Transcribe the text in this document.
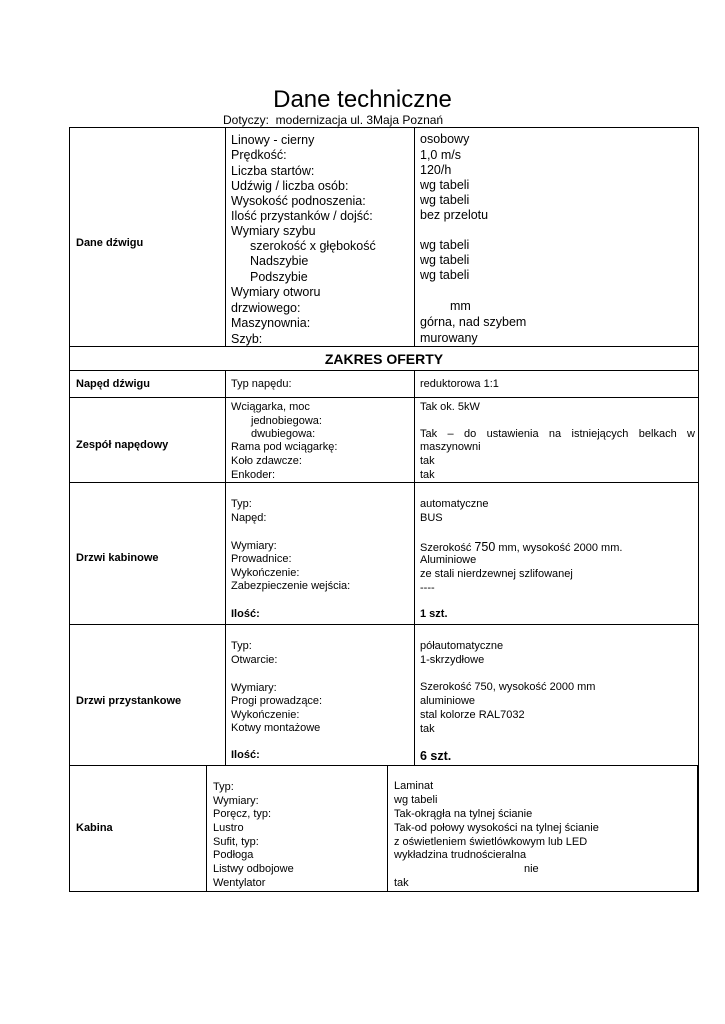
Dane techniczne
Dotyczy:  modernizacja ul. 3Maja Poznań
Dane dźwigu
Linowy - cierny
Prędkość:
Liczba startów:
Udźwig / liczba osób:
Wysokość podnoszenia:
Ilość przystanków / dojść:
Wymiary szybu
szerokość x głębokość
Nadszybie
Podszybie
Wymiary otworu
drzwiowego:
Maszynownia:
Szyb:
osobowy
1,0 m/s
120/h
wg tabeli
wg tabeli
bez przelotu
wg tabeli
wg tabeli
wg tabeli
mm
górna, nad szybem
murowany
ZAKRES OFERTY
Napęd dźwigu	Typ napędu:	reduktorowa 1:1
Zespół napędowy
Wciągarka, moc
jednobiegowa:
dwubiegowa:
Rama pod wciągarkę:
Koło zdawcze:
Enkoder:
Tak ok. 5kW
Tak – do ustawienia na istniejących belkach w maszynowni
tak
tak
Drzwi kabinowe
Typ:
Napęd:
Wymiary:
Prowadnice:
Wykończenie:
Zabezpieczenie wejścia:
Ilość:
automatyczne
BUS
Szerokość 750 mm, wysokość 2000 mm.
Aluminiowe
ze stali nierdzewnej szlifowanej
----
1 szt.
Drzwi przystankowe
Typ:
Otwarcie:
Wymiary:
Progi prowadzące:
Wykończenie:
Kotwy montażowe
Ilość:
półautomatyczne
1-skrzydłowe
Szerokość 750, wysokość 2000 mm
aluminiowe
stal kolorze RAL7032
tak
6 szt.
Kabina
Typ:
Wymiary:
Poręcz, typ:
Lustro
Sufit, typ:
Podłoga
Listwy odbojowe
Wentylator
Laminat
wg tabeli
Tak-okrągła na tylnej ścianie
Tak-od połowy wysokości na tylnej ścianie
z oświetleniem świetlówkowym lub LED
wykładzina trudnościeralna
nie
tak
